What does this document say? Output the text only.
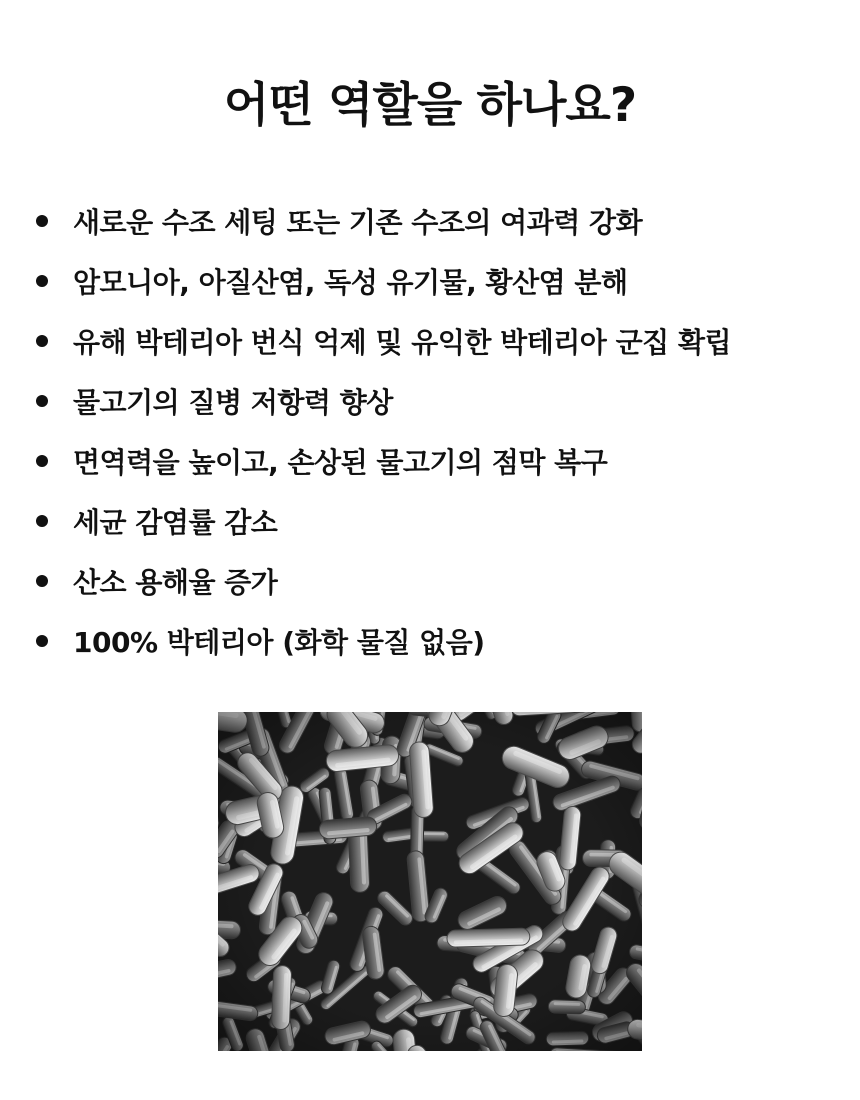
어떤 역할을 하나요?
새로운 수조 세팅 또는 기존 수조의 여과력 강화
암모니아, 아질산염, 독성 유기물, 황산염 분해
유해 박테리아 번식 억제 및 유익한 박테리아 군집 확립
물고기의 질병 저항력 향상
면역력을 높이고, 손상된 물고기의 점막 복구
세균 감염률 감소
산소 용해율 증가
100% 박테리아 (화학 물질 없음)
